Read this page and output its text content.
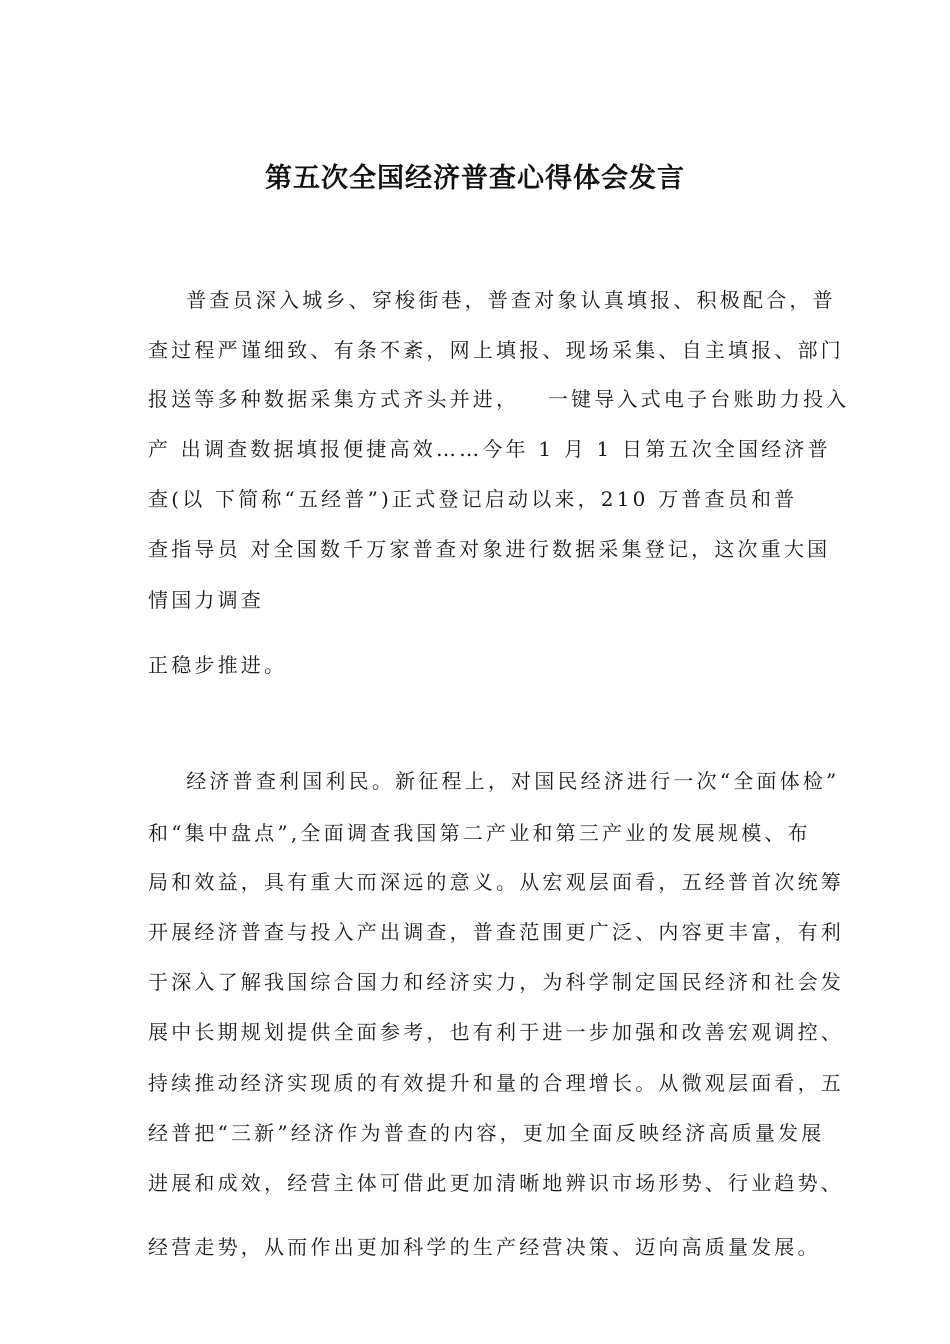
第五次全国经济普查心得体会发言
普查员深入城乡、穿梭街巷，普查对象认真填报、积极配合，普
查过程严谨细致、有条不紊，网上填报、现场采集、自主填报、部门
报送等多种数据采集方式齐头并进，   一键导入式电子台账助力投入
产 出调查数据填报便捷高效……今年 1 月 1 日第五次全国经济普
查(以 下简称“五经普”)正式登记启动以来，210 万普查员和普
查指导员 对全国数千万家普查对象进行数据采集登记，这次重大国
情国力调查
正稳步推进。
经济普查利国利民。新征程上，对国民经济进行一次“全面体检”
和“集中盘点”,全面调查我国第二产业和第三产业的发展规模、布
局和效益，具有重大而深远的意义。从宏观层面看，五经普首次统筹
开展经济普查与投入产出调查，普查范围更广泛、内容更丰富，有利
于深入了解我国综合国力和经济实力，为科学制定国民经济和社会发
展中长期规划提供全面参考，也有利于进一步加强和改善宏观调控、
持续推动经济实现质的有效提升和量的合理增长。从微观层面看，五
经普把“三新”经济作为普查的内容，更加全面反映经济高质量发展
进展和成效，经营主体可借此更加清晰地辨识市场形势、行业趋势、
经营走势，从而作出更加科学的生产经营决策、迈向高质量发展。
